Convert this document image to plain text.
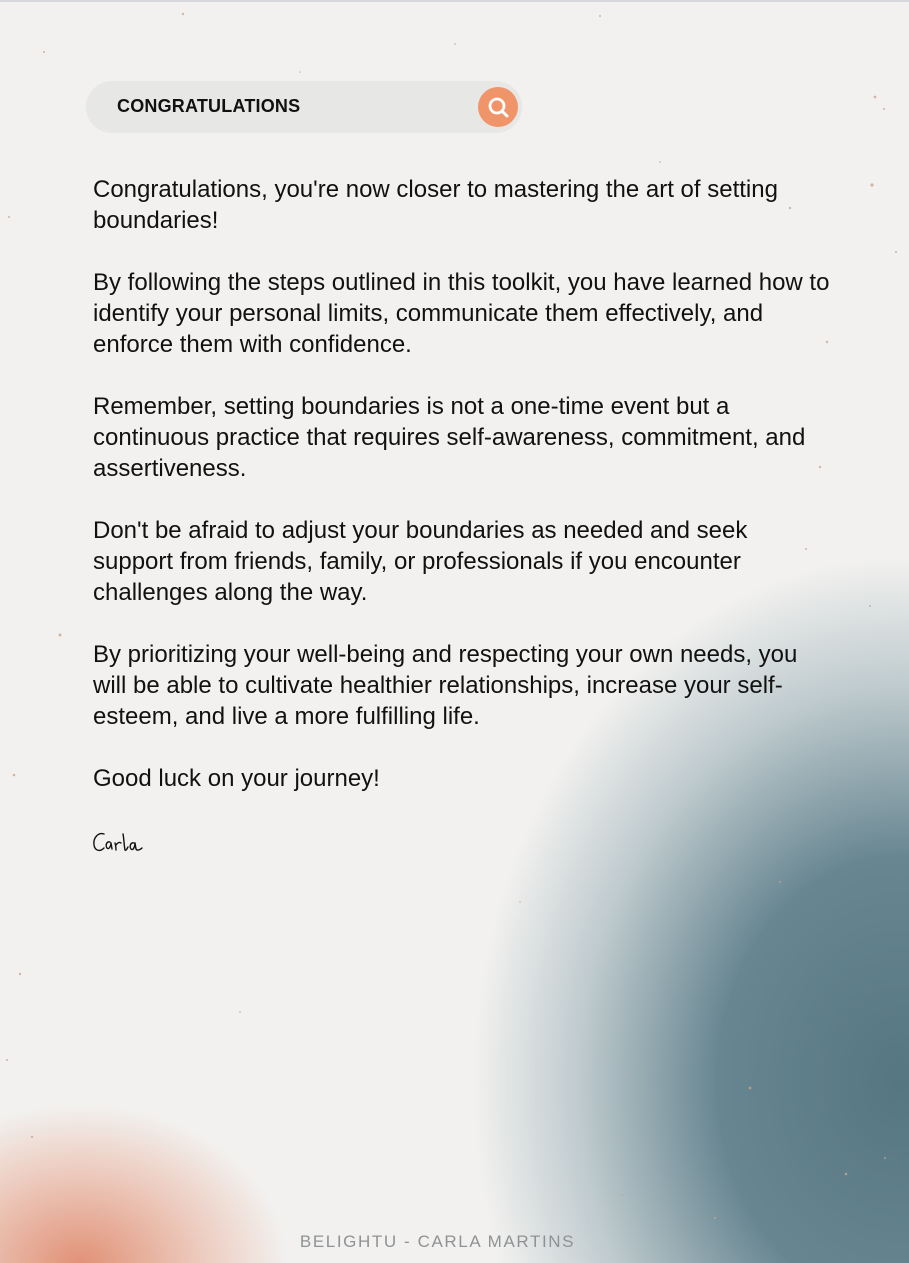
CONGRATULATIONS

Congratulations, you're now closer to mastering the art of setting boundaries!

By following the steps outlined in this toolkit, you have learned how to identify your personal limits, communicate them effectively, and enforce them with confidence.

Remember, setting boundaries is not a one-time event but a continuous practice that requires self-awareness, commitment, and assertiveness.

Don't be afraid to adjust your boundaries as needed and seek support from friends, family, or professionals if you encounter challenges along the way.

By prioritizing your well-being and respecting your own needs, you will be able to cultivate healthier relationships, increase your self-esteem, and live a more fulfilling life.

Good luck on your journey!

BELIGHTU - CARLA MARTINS
